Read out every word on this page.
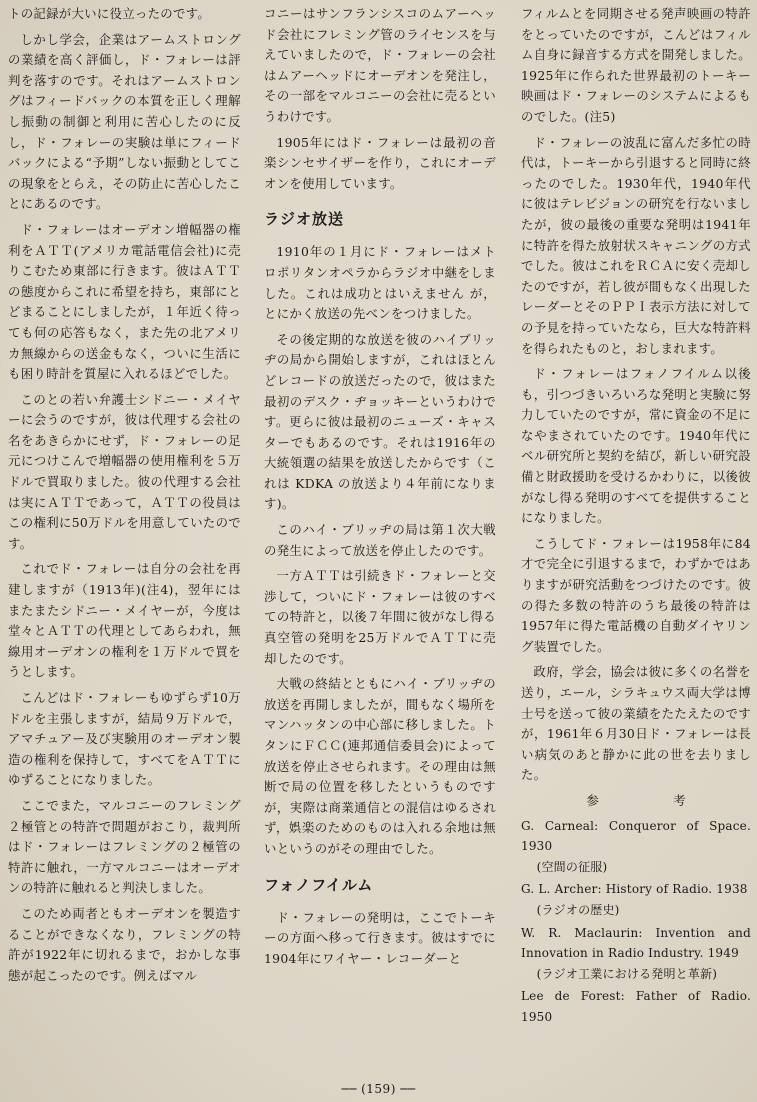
トの記録が大いに役立ったのです。

しかし学会，企業はアームストロングの業績を高く評価し，ド・フォレーは評判を落すのです。それはアームストロングはフィードバックの本質を正しく理解し振動の制御と利用に苦心したのに反し，ド・フォレーの実験は単にフィードバックによる“予期”しない振動としてこの現象をとらえ，その防止に苦心したことにあるのです。

ド・フォレーはオーデオン増幅器の権利をＡＴＴ(アメリカ電話電信会社)に売りこむため東部に行きます。彼はＡＴＴの態度からこれに希望を持ち，東部にとどまることにしましたが，１年近く待っても何の応答もなく，また先の北アメリカ無線からの送金もなく，ついに生活にも困り時計を質屋に入れるほどでした。

このとの若い弁護士シドニー・メイヤーに会うのですが，彼は代理する会社の名をあきらかにせず，ド・フォレーの足元につけこんで増幅器の使用権利を５万ドルで買取りました。彼の代理する会社は実にＡＴＴであって，ＡＴＴの役員はこの権利に50万ドルを用意していたのです。

これでド・フォレーは自分の会社を再建しますが（1913年)(注4)，翌年にはまたまたシドニー・メイヤーが，今度は堂々とＡＴＴの代理としてあらわれ，無線用オーデオンの権利を１万ドルで買をうとします。

こんどはド・フォレーもゆずらず10万ドルを主張しますが，結局９万ドルで，アマチュアー及び実験用のオーデオン製造の権利を保持して，すべてをＡＴＴにゆずることになりました。

ここでまた，マルコニーのフレミング２極管との特許で問題がおこり，裁判所はド・フォレーはフレミングの２極管の特許に触れ，一方マルコニーはオーデオンの特許に触れると判決しました。

このため両者ともオーデオンを製造することができなくなり，フレミングの特許が1922年に切れるまで，おかしな事態が起こったのです。例えばマル

コニーはサンフランシスコのムアーヘッド会社にフレミング管のライセンスを与えていましたので，ド・フォレーの会社はムアーヘッドにオーデオンを発注し，その一部をマルコニーの会社に売るというわけです。

1905年にはド・フォレーは最初の音楽シンセサイザーを作り，これにオーデオンを使用しています。

ラジオ放送

1910年の１月にド・フォレーはメトロポリタンオペラからラジオ中継をしました。これは成功とはいえません が，とにかく放送の先べンをつけました。

その後定期的な放送を彼のハイブリッヂの局から開始しますが，これはほとんどレコードの放送だったので，彼はまた最初のデスク・ヂョッキーというわけです。更らに彼は最初のニューズ・キャスターでもあるのです。それは1916年の大統領選の結果を放送したからです（これは KDKA の放送より４年前になります)。

このハイ・ブリッヂの局は第１次大戦の発生によって放送を停止したのです。

一方ＡＴＴは引続きド・フォレーと交渉して，ついにド・フォレーは彼のすべての特許と，以後７年間に彼がなし得る真空管の発明を25万ドルでＡＴＴに売却したのです。

大戦の終結とともにハイ・ブリッヂの放送を再開しましたが，間もなく場所をマンハッタンの中心部に移しました。トタンにＦＣＣ(連邦通信委員会)によって放送を停止させられます。その理由は無断で局の位置を移したというものですが，実際は商業通信との混信はゆるされず，娯楽のためのものは入れる余地は無いというのがその理由でした。

フォノフイルム

ド・フォレーの発明は，ここでトーキーの方面へ移って行きます。彼はすでに1904年にワイヤー・レコーダーと

フィルムとを同期させる発声映画の特許をとっていたのですが，こんどはフィルム自身に録音する方式を開発しました。1925年に作られた世界最初のトーキー映画はド・フォレーのシステムによるものでした。(注5)

ド・フォレーの波乱に富んだ多忙の時代は，トーキーから引退すると同時に終ったのでした。1930年代，1940年代に彼はテレビジョンの研究を行ないましたが，彼の最後の重要な発明は1941年に特許を得た放射状スキャニングの方式でした。彼はこれをＲＣＡに安く売却したのですが，若し彼が間もなく出現したレーダーとそのＰＰＩ表示方法に対しての予見を持っていたなら，巨大な特許料を得られたものと，おしまれます。

ド・フォレーはフォノフイルム以後も，引つづきいろいろな発明と実験に努力していたのですが，常に資金の不足になやまされていたのです。1940年代にベル研究所と契約を結び，新しい研究設備と財政援助を受けるかわりに，以後彼がなし得る発明のすべてを提供することになりました。

こうしてド・フォレーは1958年に84才で完全に引退するまで，わずかではありますが研究活動をつづけたのです。彼の得た多数の特許のうち最後の特許は1957年に得た電話機の自動ダイヤリング装置でした。

政府，学会，協会は彼に多くの名誉を送り，エール，シラキュウス両大学は博士号を送って彼の業績をたたえたのですが，1961年６月30日ド・フォレーは長い病気のあと静かに此の世を去りました。

参　考
G. Carneal: Conqueror of Space. 1930
(空間の征服)
G. L. Archer: History of Radio. 1938
(ラジオの歴史)
W. R. Maclaurin: Invention and Innovation in Radio Industry. 1949
(ラジオ工業における発明と革新)
Lee de Forest: Father of Radio. 1950
── (159) ──
